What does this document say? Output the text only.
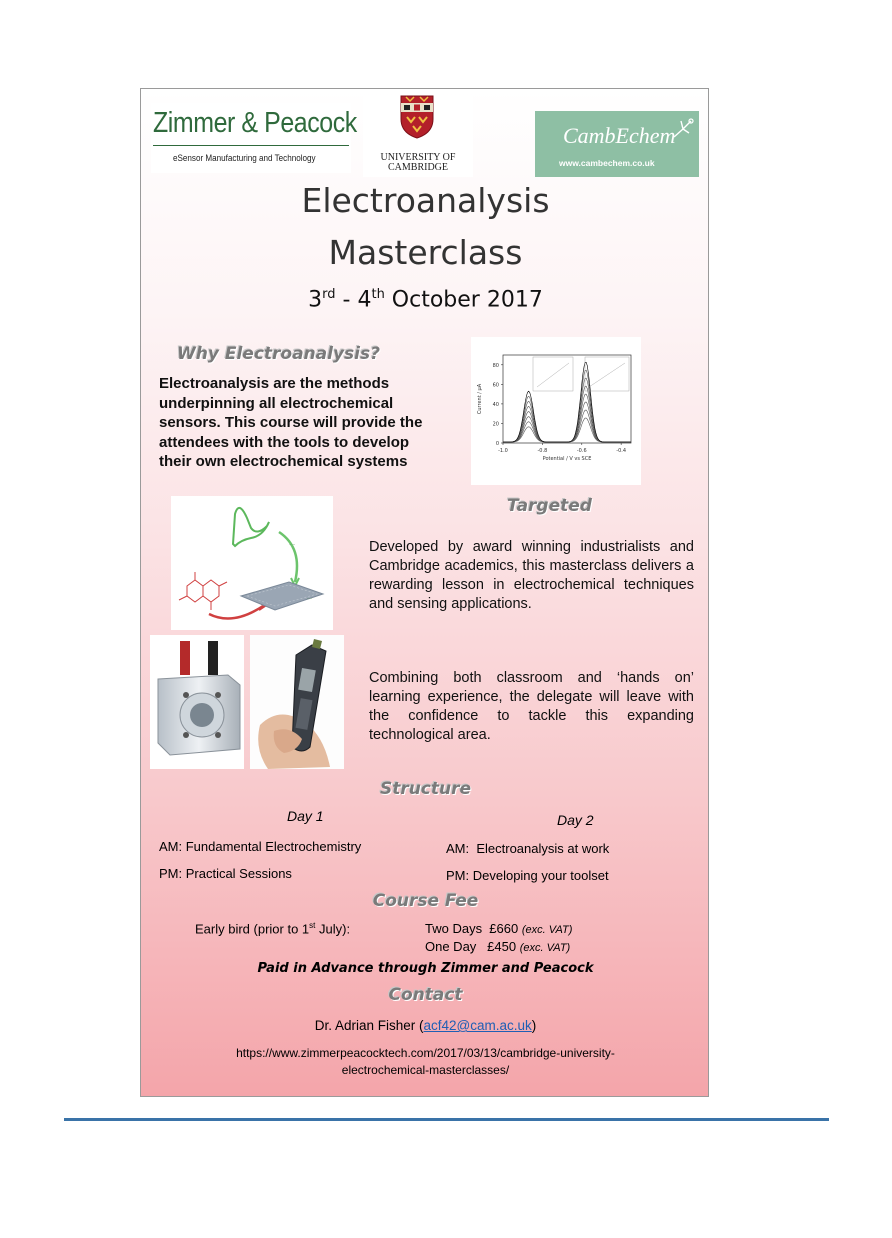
Zimmer & Peacock
eSensor Manufacturing and Technology	UNIVERSITY OF
CAMBRIDGE
CambEchem
www.cambechem.co.uk
Electroanalysis
Masterclass
3rd - 4th October 2017
Why Electroanalysis?
Electroanalysis are the methods
underpinning all electrochemical
sensors. This course will provide the
attendees with the tools to develop
their own electrochemical systems
0
20
40
60
80
-1.0	-0.8	-0.6	-0.4
Potential / V vs SCE
Current / μA
Targeted
·····
····
Developed by award winning industrialists and Cambridge academics, this masterclass delivers a rewarding lesson in electrochemical techniques and sensing applications.
Combining both classroom and ‘hands on’ learning experience, the delegate will leave with the confidence to tackle this expanding technological area.
Structure
Day 1	Day 2
AM: Fundamental Electrochemistry
PM: Practical Sessions
AM:  Electroanalysis at work
PM: Developing your toolset
Course Fee
Early bird (prior to 1st July):	Two Days  £660 (exc. VAT)
One Day   £450 (exc. VAT)
Paid in Advance through Zimmer and Peacock
Contact
Dr. Adrian Fisher (acf42@cam.ac.uk)
https://www.zimmerpeacocktech.com/2017/03/13/cambridge-university-
electrochemical-masterclasses/
